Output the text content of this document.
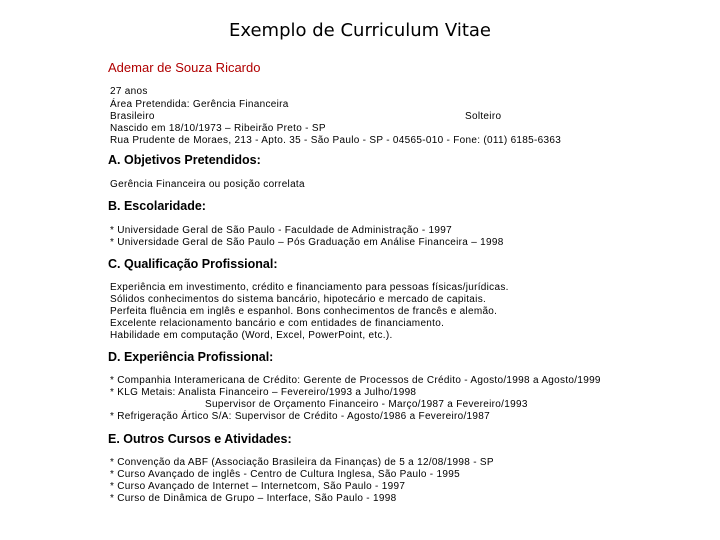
Exemplo de Curriculum Vitae
Ademar de Souza Ricardo
27 anos
Área Pretendida: Gerência Financeira
Brasileiro	Solteiro
Nascido em 18/10/1973 – Ribeirão Preto - SP
Rua Prudente de Moraes, 213 - Apto. 35 - São Paulo - SP - 04565-010 - Fone: (011) 6185-6363
A. Objetivos Pretendidos:
Gerência Financeira ou posição correlata
B. Escolaridade:
* Universidade Geral de São Paulo - Faculdade de Administração - 1997
* Universidade Geral de São Paulo – Pós Graduação em Análise Financeira – 1998
C. Qualificação Profissional:
Experiência em investimento, crédito e financiamento para pessoas físicas/jurídicas.
Sólidos conhecimentos do sistema bancário, hipotecário e mercado de capitais.
Perfeita fluência em inglês e espanhol. Bons conhecimentos de francês e alemão.
Excelente relacionamento bancário e com entidades de financiamento.
Habilidade em computação (Word, Excel, PowerPoint, etc.).
D. Experiência Profissional:
* Companhia Interamericana de Crédito: Gerente de Processos de Crédito - Agosto/1998 a Agosto/1999
* KLG Metais: Analista Financeiro – Fevereiro/1993 a Julho/1998
Supervisor de Orçamento Financeiro - Março/1987 a Fevereiro/1993
* Refrigeração Ártico S/A: Supervisor de Crédito - Agosto/1986 a Fevereiro/1987
E. Outros Cursos e Atividades:
* Convenção da ABF (Associação Brasileira da Finanças) de 5 a 12/08/1998 - SP
* Curso Avançado de inglês - Centro de Cultura Inglesa, São Paulo - 1995
* Curso Avançado de Internet – Internetcom, São Paulo - 1997
* Curso de Dinâmica de Grupo – Interface, São Paulo - 1998
